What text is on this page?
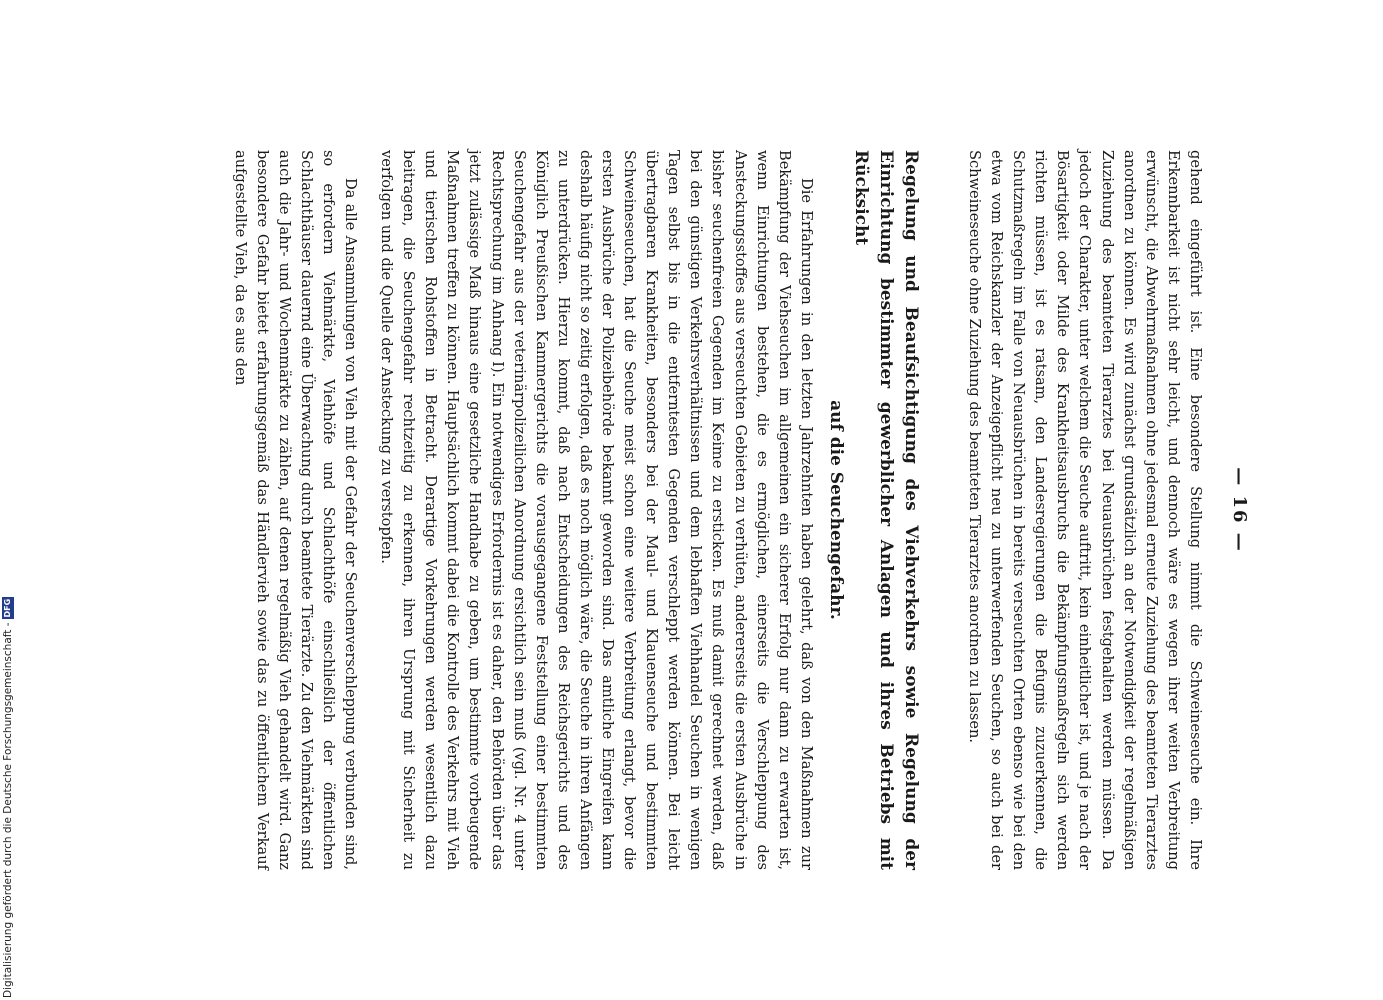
— 16 —

gehend eingeführt ist. Eine besondere Stellung nimmt die Schweineseuche ein. Ihre Erkennbarkeit ist nicht sehr leicht, und dennoch wäre es wegen ihrer weiten Verbreitung erwünscht, die Abwehrmaßnahmen ohne jedesmal erneute Zuziehung des beamteten Tierarztes anordnen zu können. Es wird zunächst grundsätzlich an der Notwendigkeit der regelmäßigen Zuziehung des beamteten Tierarztes bei Neuausbrüchen festgehalten werden müssen. Da jedoch der Charakter, unter welchem die Seuche auftritt, kein einheitlicher ist, und je nach der Bösartigkeit oder Milde des Krankheitsausbruchs die Bekämpfungsmaßregeln sich werden richten müssen, ist es ratsam, den Landesregierungen die Befugnis zuzuerkennen, die Schutzmaßregeln im Falle von Neuausbrüchen in bereits verseuchten Orten ebenso wie bei den etwa vom Reichskanzler der Anzeigepflicht neu zu unterwerfenden Seuchen, so auch bei der Schweineseuche ohne Zuziehung des beamteten Tierarztes anordnen zu lassen.

Regelung und Beaufsichtigung des Viehverkehrs sowie Regelung der Einrichtung bestimmter gewerblicher Anlagen und ihres Betriebs mit Rücksicht
auf die Seuchengefahr.

Die Erfahrungen in den letzten Jahrzehnten haben gelehrt, daß von den Maßnahmen zur Bekämpfung der Viehseuchen im allgemeinen ein sicherer Erfolg nur dann zu erwarten ist, wenn Einrichtungen bestehen, die es ermöglichen, einerseits die Verschleppung des Ansteckungsstoffes aus verseuchten Gebieten zu verhüten, andererseits die ersten Ausbrüche in bisher seuchenfreien Gegenden im Keime zu ersticken. Es muß damit gerechnet werden, daß bei den günstigen Verkehrsverhältnissen und dem lebhaften Viehhandel Seuchen in wenigen Tagen selbst bis in die entferntesten Gegenden verschleppt werden können. Bei leicht übertragbaren Krankheiten, besonders bei der Maul- und Klauenseuche und bestimmten Schweineseuchen, hat die Seuche meist schon eine weitere Verbreitung erlangt, bevor die ersten Ausbrüche der Polizeibehörde bekannt geworden sind. Das amtliche Eingreifen kann deshalb häufig nicht so zeitig erfolgen, daß es noch möglich wäre, die Seuche in ihren Anfängen zu unterdrücken. Hierzu kommt, daß nach Entscheidungen des Reichsgerichts und des Königlich Preußischen Kammergerichts die vorausgegangene Feststellung einer bestimmten Seuchengefahr aus der veterinärpolizeilichen Anordnung ersichtlich sein muß (vgl. Nr. 4 unter Rechtsprechung im Anhang I). Ein notwendiges Erfordernis ist es daher, den Behörden über das jetzt zulässige Maß hinaus eine gesetzliche Handhabe zu geben, um bestimmte vorbeugende Maßnahmen treffen zu können. Hauptsächlich kommt dabei die Kontrolle des Verkehrs mit Vieh und tierischen Rohstoffen in Betracht. Derartige Vorkehrungen werden wesentlich dazu beitragen, die Seuchengefahr rechtzeitig zu erkennen, ihren Ursprung mit Sicherheit zu verfolgen und die Quelle der Ansteckung zu verstopfen.

Da alle Ansammlungen von Vieh mit der Gefahr der Seuchenverschleppung verbunden sind, so erfordern Viehmärkte, Viehhöfe und Schlachthöfe einschließlich der öffentlichen Schlachthäuser dauernd eine Überwachung durch beamtete Tierärzte. Zu den Viehmärkten sind auch die Jahr- und Wochenmärkte zu zählen, auf denen regelmäßig Vieh gehandelt wird. Ganz besondere Gefahr bietet erfahrungsgemäß das Händlervieh sowie das zu öffentlichem Verkauf aufgestellte Vieh, da es aus den

Digitalisierung gefördert durch die Deutsche Forschungsgemeinschaft -
DFG
